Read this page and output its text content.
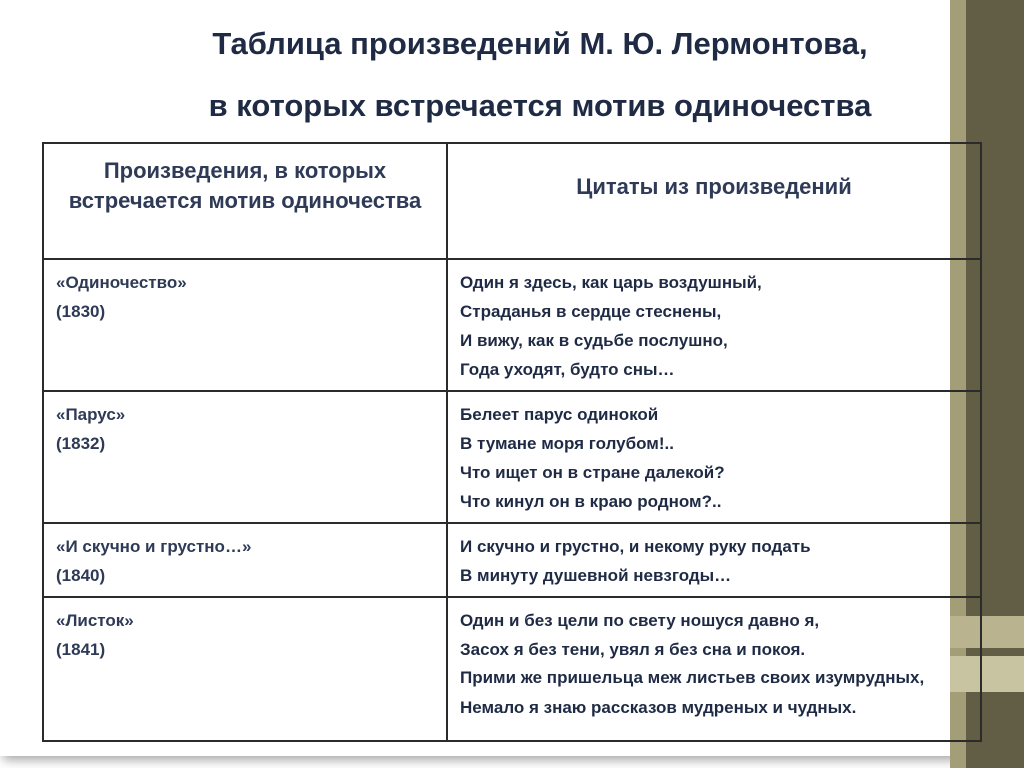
Таблица произведений М. Ю. Лермонтова,
в которых встречается мотив одиночества
Произведения, в которых встречается мотив одиночества	Цитаты из произведений

«Одиночество»
(1830)	Один я здесь, как царь воздушный,
Страданья в сердце стеснены,
И вижу, как в судьбе послушно,
Года уходят, будто сны…

«Парус»
(1832)	Белеет парус одинокой
В тумане моря голубом!..
Что ищет он в стране далекой?
Что кинул он в краю родном?..

«И скучно и грустно…»
(1840)	И скучно и грустно, и некому руку подать
В минуту душевной невзгоды…

«Листок»
(1841)	Один и без цели по свету ношуся давно я,
Засох я без тени, увял я без сна и покоя.
Прими же пришельца меж листьев своих изумрудных,
Немало я знаю рассказов мудреных и чудных.
